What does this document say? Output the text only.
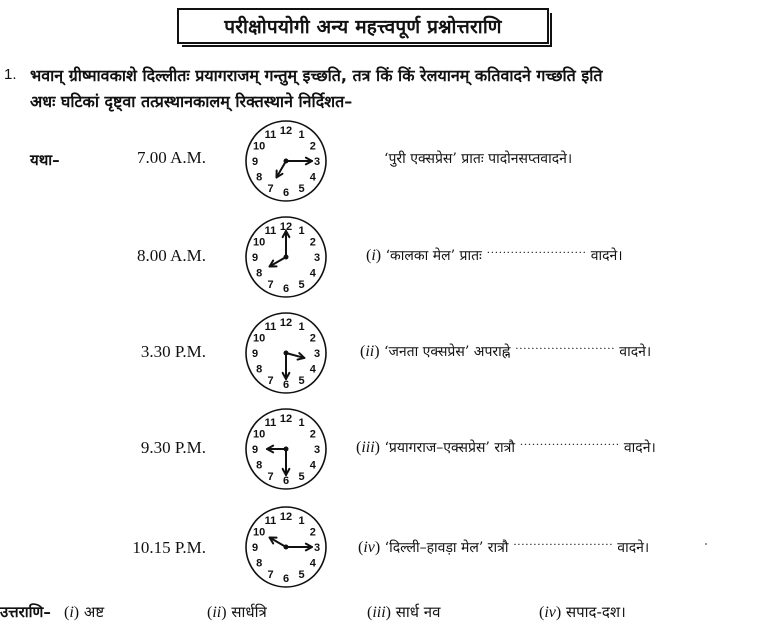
परीक्षोपयोगी अन्य महत्त्वपूर्ण प्रश्नोत्तराणि
1. भवान् ग्रीष्मावकाशे दिल्लीतः प्रयागराजम् गन्तुम् इच्छति, तत्र किं किं रेलयानम् कतिवादने गच्छति इति
अधः घटिकां दृष्ट्वा तत्प्रस्थानकालम् रिक्तस्थाने निर्दिशत–
यथा–	7.00 A.M.
12 1
2
3
4
5
6
7
8
9
10
11
‘पुरी एक्सप्रेस’ प्रातः पादोनसप्तवादने।
8.00 A.M.
12 1
2
3
4
5
6
7
8
9
10
11
(i) ‘कालका मेल’ प्रातः ························· वादने।
3.30 P.M.
12 1
2
3
4
5
6
7
8
9
10
11
(ii) ‘जनता एक्सप्रेस’ अपराह्ने ························· वादने।
9.30 P.M.
12 1
2
3
4
5
6
7
8
9
10
11
(iii) ‘प्रयागराज–एक्सप्रेस’ रात्रौ ························· वादने।
10.15 P.M.
12 1
2
3
4
5
6
7
8
9
10
11
(iv) ‘दिल्ली–हावड़ा मेल’ रात्रौ ························· वादने।
उत्तराणि– (i) अष्ट	(ii) सार्धत्रि	(iii) सार्ध नव	(iv) सपाद-दश।
